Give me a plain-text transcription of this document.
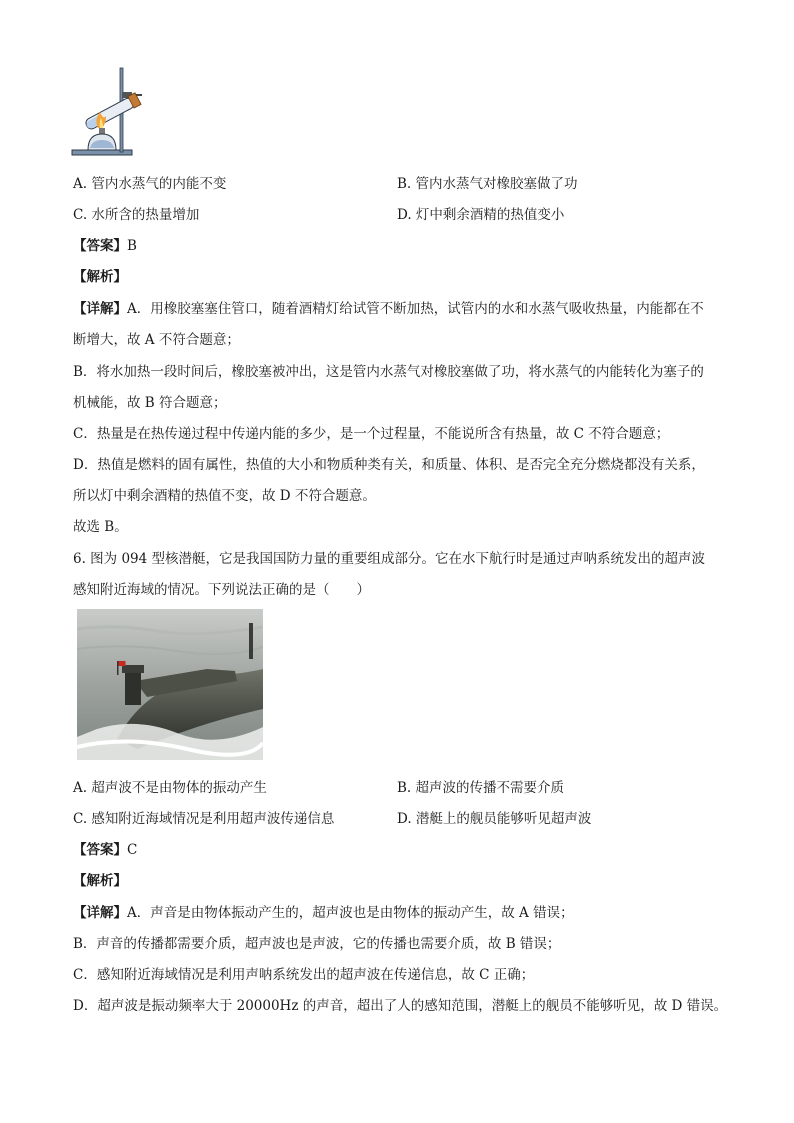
A. 管内水蒸气的内能不变	B. 管内水蒸气对橡胶塞做了功
C. 水所含的热量增加	D. 灯中剩余酒精的热值变小
【答案】B
【解析】
【详解】A．用橡胶塞塞住管口，随着酒精灯给试管不断加热，试管内的水和水蒸气吸收热量，内能都在不
断增大，故 A 不符合题意；
B．将水加热一段时间后，橡胶塞被冲出，这是管内水蒸气对橡胶塞做了功，将水蒸气的内能转化为塞子的
机械能，故 B 符合题意；
C．热量是在热传递过程中传递内能的多少，是一个过程量，不能说所含有热量，故 C 不符合题意；
D．热值是燃料的固有属性，热值的大小和物质种类有关，和质量、体积、是否完全充分燃烧都没有关系，
所以灯中剩余酒精的热值不变，故 D 不符合题意。
故选 B。
6. 图为 094 型核潜艇，它是我国国防力量的重要组成部分。它在水下航行时是通过声呐系统发出的超声波
感知附近海域的情况。下列说法正确的是（　　）
A. 超声波不是由物体的振动产生	B. 超声波的传播不需要介质
C. 感知附近海域情况是利用超声波传递信息	D. 潜艇上的舰员能够听见超声波
【答案】C
【解析】
【详解】A．声音是由物体振动产生的，超声波也是由物体的振动产生，故 A 错误；
B．声音的传播都需要介质，超声波也是声波，它的传播也需要介质，故 B 错误；
C．感知附近海域情况是利用声呐系统发出的超声波在传递信息，故 C 正确；
D．超声波是振动频率大于 20000Hz 的声音，超出了人的感知范围，潜艇上的舰员不能够听见，故 D 错误。
